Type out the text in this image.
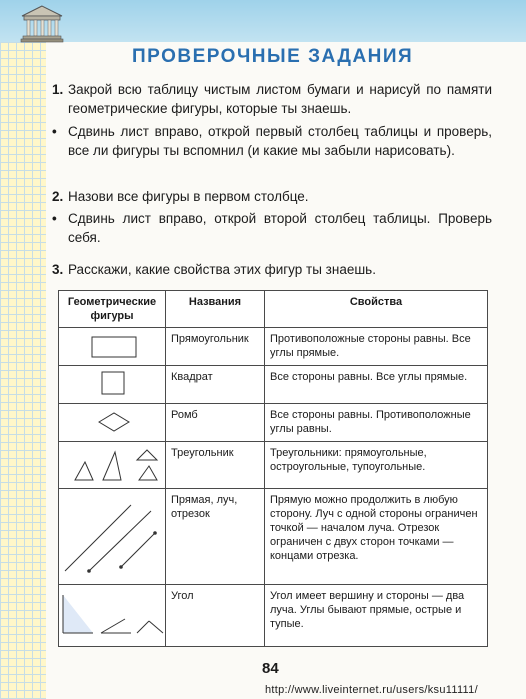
ПРОВЕРОЧНЫЕ ЗАДАНИЯ
1. Закрой всю таблицу чистым листом бумаги и нарисуй по памяти геометрические фигуры, которые ты знаешь.
• Сдвинь лист вправо, открой первый столбец таблицы и проверь, все ли фигуры ты вспомнил (и какие мы забыли нарисовать).
2. Назови все фигуры в первом столбце.
• Сдвинь лист вправо, открой второй столбец таблицы. Проверь себя.
3. Расскажи, какие свойства этих фигур ты знаешь.
Геометрические фигуры	Названия	Свойства

	Прямоугольник	Противоположные стороны равны. Все углы прямые.

	Квадрат	Все стороны равны. Все углы прямые.

	Ромб	Все стороны равны. Противоположные углы равны.

	Треугольник	Треугольники: прямоугольные, остроугольные, тупоугольные.

	Прямая, луч, отрезок	Прямую можно продолжить в любую сторону. Луч с одной стороны ограничен точкой — началом луча. Отрезок ограничен с двух сторон точками — концами отрезка.

	Угол	Угол имеет вершину и стороны — два луча. Углы бывают прямые, острые и тупые.
84
http://www.liveinternet.ru/users/ksu11111/
